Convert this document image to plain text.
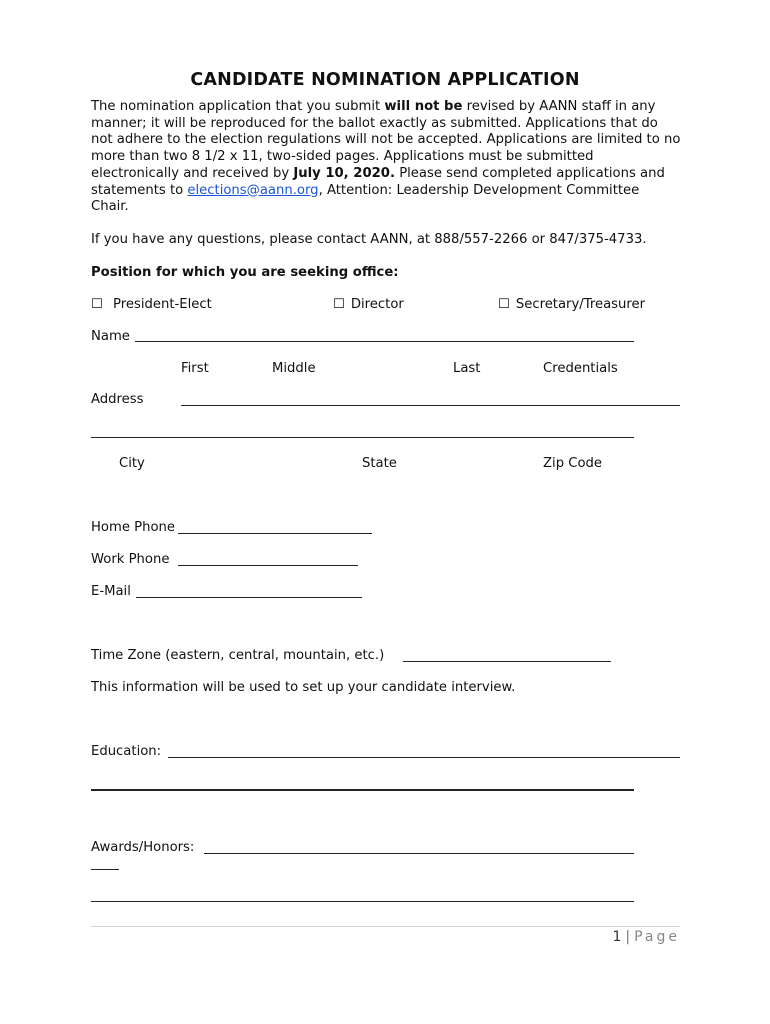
CANDIDATE NOMINATION APPLICATION
The nomination application that you submit will not be revised by AANN staff in any manner; it will be reproduced for the ballot exactly as submitted. Applications that do not adhere to the election regulations will not be accepted. Applications are limited to no more than two 8 1/2 x 11, two-sided pages. Applications must be submitted electronically and received by July 10, 2020. Please send completed applications and statements to elections@aann.org, Attention: Leadership Development Committee Chair.
If you have any questions, please contact AANN, at 888/557-2266 or 847/375-4733.
Position for which you are seeking office:
☐ President-Elect	☐ Director	☐ Secretary/Treasurer
Name
First	Middle	Last	Credentials
Address
City	State	Zip Code
Home Phone
Work Phone
E-Mail
Time Zone (eastern, central, mountain, etc.)
This information will be used to set up your candidate interview.
Education:
Awards/Honors:
1 | Page
